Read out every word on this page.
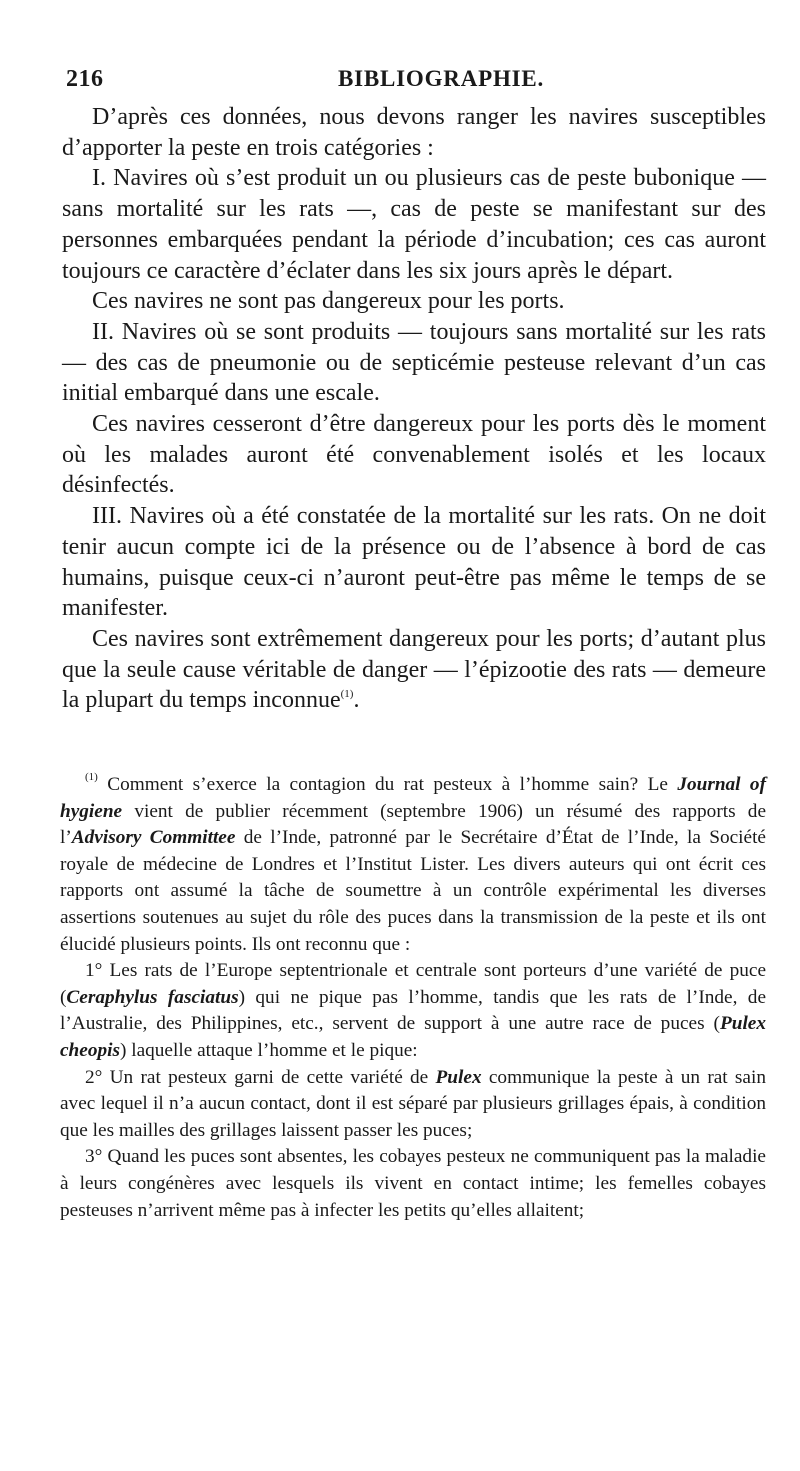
216	BIBLIOGRAPHIE.

D’après ces données, nous devons ranger les navires susceptibles d’apporter la peste en trois catégories :

I. Navires où s’est produit un ou plusieurs cas de peste bubonique — sans mortalité sur les rats —, cas de peste se manifestant sur des personnes embarquées pendant la période d’incubation; ces cas auront toujours ce caractère d’éclater dans les six jours après le départ.

Ces navires ne sont pas dangereux pour les ports.

II. Navires où se sont produits — toujours sans mortalité sur les rats — des cas de pneumonie ou de septicémie pesteuse relevant d’un cas initial embarqué dans une escale.

Ces navires cesseront d’être dangereux pour les ports dès le moment où les malades auront été convenablement isolés et les locaux désinfectés.

III. Navires où a été constatée de la mortalité sur les rats. On ne doit tenir aucun compte ici de la présence ou de l’absence à bord de cas humains, puisque ceux-ci n’auront peut-être pas même le temps de se manifester.

Ces navires sont extrêmement dangereux pour les ports; d’autant plus que la seule cause véritable de danger — l’épizootie des rats — demeure la plupart du temps inconnue$^{(1)}$.

$^{(1)}$ Comment s’exerce la contagion du rat pesteux à l’homme sain? Le Journal of hygiene vient de publier récemment (septembre 1906) un résumé des rapports de l’Advisory Committee de l’Inde, patronné par le Secrétaire d’État de l’Inde, la Société royale de médecine de Londres et l’Institut Lister. Les divers auteurs qui ont écrit ces rapports ont assumé la tâche de soumettre à un contrôle expérimental les diverses assertions soutenues au sujet du rôle des puces dans la transmission de la peste et ils ont élucidé plusieurs points. Ils ont reconnu que :

1° Les rats de l’Europe septentrionale et centrale sont porteurs d’une variété de puce (Ceraphylus fasciatus) qui ne pique pas l’homme, tandis que les rats de l’Inde, de l’Australie, des Philippines, etc., servent de support à une autre race de puces (Pulex cheopis) laquelle attaque l’homme et le pique:

2° Un rat pesteux garni de cette variété de Pulex communique la peste à un rat sain avec lequel il n’a aucun contact, dont il est séparé par plusieurs grillages épais, à condition que les mailles des grillages laissent passer les puces;

3° Quand les puces sont absentes, les cobayes pesteux ne communiquent pas la maladie à leurs congénères avec lesquels ils vivent en contact intime; les femelles cobayes pesteuses n’arrivent même pas à infecter les petits qu’elles allaitent;
